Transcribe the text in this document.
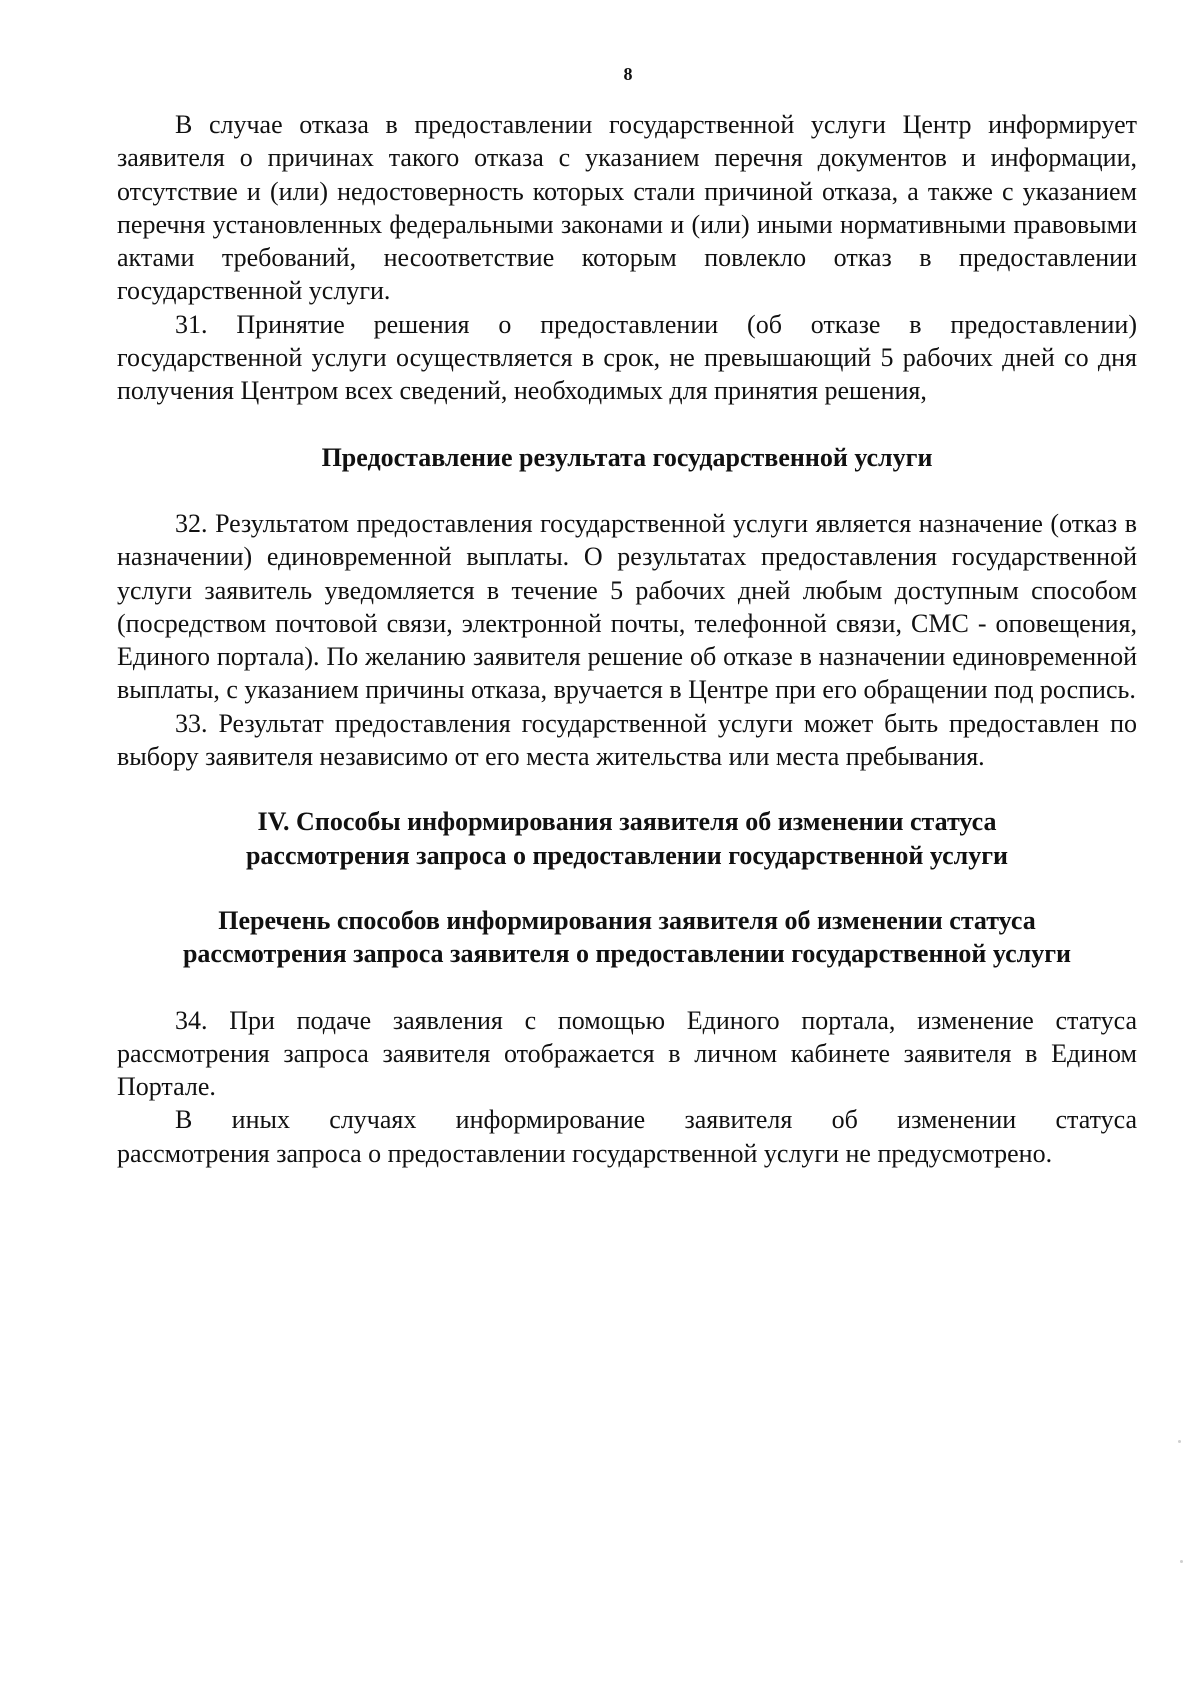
8

В случае отказа в предоставлении государственной услуги Центр информирует заявителя о причинах такого отказа с указанием перечня документов и информации, отсутствие и (или) недостоверность которых стали причиной отказа, а также с указанием перечня установленных федеральными законами и (или) иными нормативными правовыми актами требований, несоответствие которым повлекло отказ в предоставлении государственной услуги.

31. Принятие решения о предоставлении (об отказе в предоставлении) государственной услуги осуществляется в срок, не превышающий 5 рабочих дней со дня получения Центром всех сведений, необходимых для принятия решения,

Предоставление результата государственной услуги

32. Результатом предоставления государственной услуги является назначение (отказ в назначении) единовременной выплаты. О результатах предоставления государственной услуги заявитель уведомляется в течение 5 рабочих дней любым доступным способом (посредством почтовой связи, электронной почты, телефонной связи, СМС - оповещения, Единого портала). По желанию заявителя решение об отказе в назначении единовременной выплаты, с указанием причины отказа, вручается в Центре при его обращении под роспись.

33. Результат предоставления государственной услуги может быть предоставлен по выбору заявителя независимо от его места жительства или места пребывания.

IV. Способы информирования заявителя об изменении статуса

рассмотрения запроса о предоставлении государственной услуги

Перечень способов информирования заявителя об изменении статуса

рассмотрения запроса заявителя о предоставлении государственной услуги

34. При подаче заявления с помощью Единого портала, изменение статуса рассмотрения запроса заявителя отображается в личном кабинете заявителя в Едином Портале.

В иных случаях информирование заявителя об изменении статуса

рассмотрения запроса о предоставлении государственной услуги не предусмотрено.
